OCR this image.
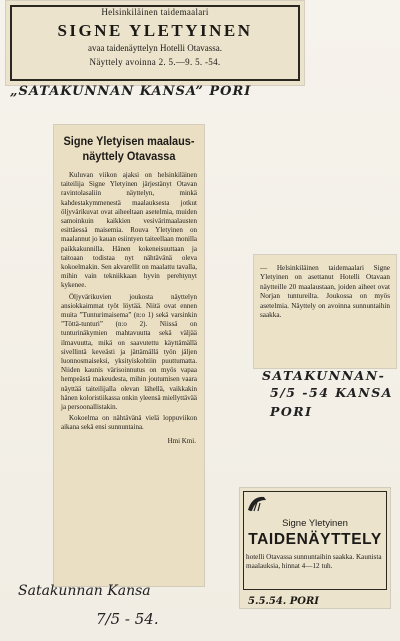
Helsinkiläinen taidemaalari
SIGNE YLETYINEN
avaa taidenäyttelyn Hotelli Otavassa.
Näyttely avoinna 2. 5.—9. 5. -54.
„SATAKUNNAN KANSA” PORI
Signe Yletyisen maalaus-
näyttely Otavassa

Kuluvan viikon ajaksi on helsinkiläinen taiteilija Signe Yletyinen järjestänyt Otavan ravintolasaliin näyttelyn, minkä kahdestakymmenestä maalauksesta jotkut öljyvärikuvat ovat aiheeltaan asetelmia, muiden samoinkuin kaikkien vesivärimaalausten esittäessä maisemia. Rouva Yletyinen on maalannut jo kauan esiintyen taiteellaan monilla paikkakunnilla. Hänen kokeneisuuttaan ja taitoaan todistaa nyt nähtävänä oleva kokoelmakin. Sen akvarellit on maalattu tavalla, mihin vain tekniikkaan hyvin perehtynyt kykenee.

Öljyvärikuvien joukosta näyttelyn ansiokkaimmat työt löytää. Niitä ovat ennen muita ”Tunturimaisema” (n:o 1) sekä varsinkin ”Töttä-tunturi” (n:o 2). Niissä on tunturinäkymien mahtavuutta sekä väljää ilmavuutta, mikä on saavutettu käyttämällä sivellintä keveästi ja jättämällä työn jäljen luonnosmaiseksi, yksityiskohtiin puuttumatta. Niiden kaunis värisoinnutus on myös vapaa hempeästä makeudesta, mihin joutumisen vaara näyttää taiteilijalla olevan lähellä, vaikkakin hänen koloristiikassa onkin yleensä miellyttävää ja persoonallistakin.

Kokoelma on nähtävänä vielä loppuviikon aikana sekä ensi sunnuntaina.

Hmi Kmi.
— Helsinkiläinen taidemaalari Signe Yletyinen on asettanut Hotelli Otavaan näytteille 20 maalaustaan, joiden aiheet ovat Norjan tuntureilta. Joukossa on myös asetelmia. Näyttely on avoinna sunnuntaihin saakka.
SATAKUNNAN-
5/5 -54 KANSA
PORI
Signe Yletyinen
TAIDENÄYTTELY
hotelli Otavassa sunnuntaihin saakka. Kaunista maalauksia, hinnat 4—12 tuh.
5.5.54. PORI
Satakunnan Kansa
7/5 - 54.
